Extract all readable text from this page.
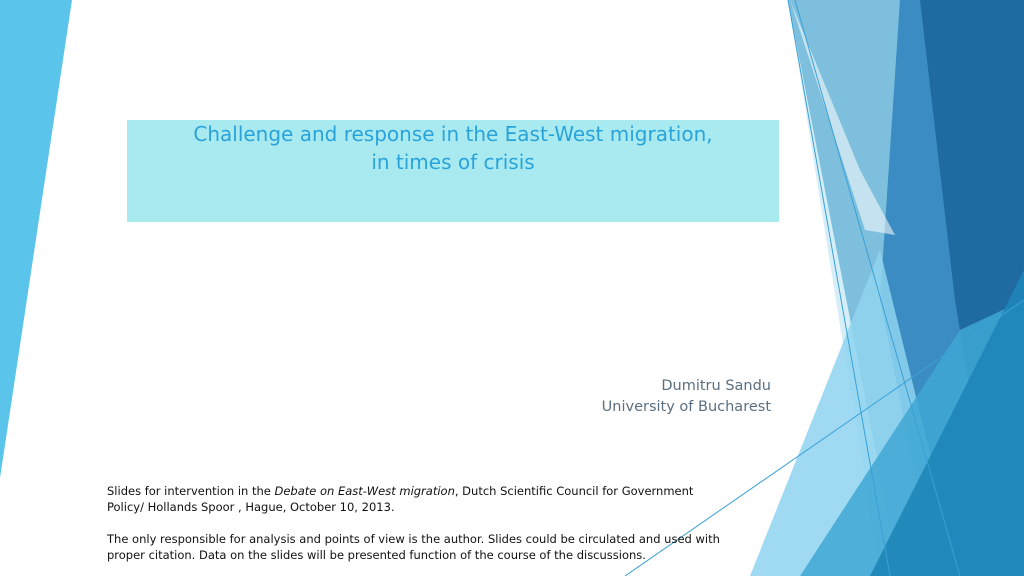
Challenge and response in the East-West migration,
in times of crisis
Dumitru Sandu
University of Bucharest

Slides for intervention in the Debate on East-West migration, Dutch Scientific Council for Government Policy/ Hollands Spoor , Hague, October 10, 2013.

The only responsible for analysis and points of view is the author. Slides could be circulated and used with proper citation. Data on the slides will be presented function of the course of the discussions.
